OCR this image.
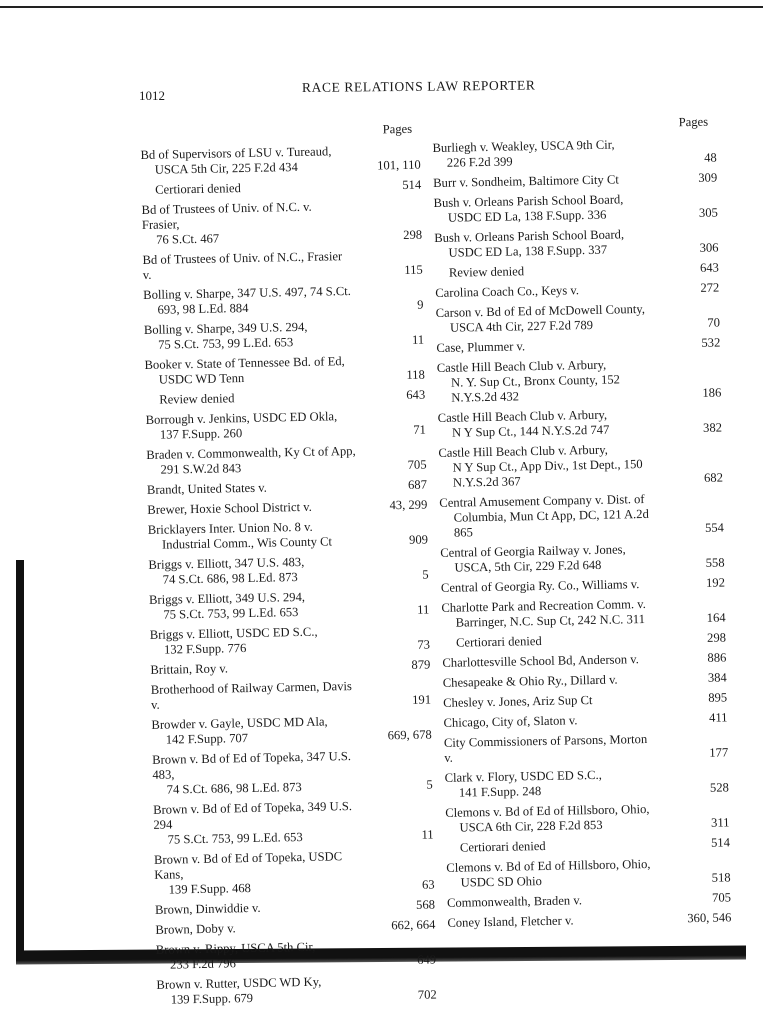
1012
RACE RELATIONS LAW REPORTER
Pages
Bd of Supervisors of LSU v. Tureaud,
USCA 5th Cir, 225 F.2d 434	101, 110
Certiorari denied	514
Bd of Trustees of Univ. of N.C. v. Frasier,
76 S.Ct. 467	298
Bd of Trustees of Univ. of N.C., Frasier v.	115
Bolling v. Sharpe, 347 U.S. 497, 74 S.Ct.
693, 98 L.Ed. 884	9
Bolling v. Sharpe, 349 U.S. 294,
75 S.Ct. 753, 99 L.Ed. 653	11
Booker v. State of Tennessee Bd. of Ed,
USDC WD Tenn	118
Review denied	643
Borrough v. Jenkins, USDC ED Okla,
137 F.Supp. 260	71
Braden v. Commonwealth, Ky Ct of App,
291 S.W.2d 843	705
Brandt, United States v.	687
Brewer, Hoxie School District v.	43, 299
Bricklayers Inter. Union No. 8 v.
Industrial Comm., Wis County Ct	909
Briggs v. Elliott, 347 U.S. 483,
74 S.Ct. 686, 98 L.Ed. 873	5
Briggs v. Elliott, 349 U.S. 294,
75 S.Ct. 753, 99 L.Ed. 653	11
Briggs v. Elliott, USDC ED S.C.,
132 F.Supp. 776	73
Brittain, Roy v.	879
Brotherhood of Railway Carmen, Davis v.	191
Browder v. Gayle, USDC MD Ala,
142 F.Supp. 707	669, 678
Brown v. Bd of Ed of Topeka, 347 U.S. 483,
74 S.Ct. 686, 98 L.Ed. 873	5
Brown v. Bd of Ed of Topeka, 349 U.S. 294
75 S.Ct. 753, 99 L.Ed. 653	11
Brown v. Bd of Ed of Topeka, USDC Kans,
139 F.Supp. 468	63
Brown, Dinwiddie v.	568
Brown, Doby v.	662, 664
Brown v. Rippy, USCA 5th Cir,
233 F.2d 796	649
Brown v. Rutter, USDC WD Ky,
139 F.Supp. 679	702
Pages
Burliegh v. Weakley, USCA 9th Cir,
226 F.2d 399	48
Burr v. Sondheim, Baltimore City Ct	309
Bush v. Orleans Parish School Board,
USDC ED La, 138 F.Supp. 336	305
Bush v. Orleans Parish School Board,
USDC ED La, 138 F.Supp. 337	306
Review denied	643
Carolina Coach Co., Keys v.	272
Carson v. Bd of Ed of McDowell County,
USCA 4th Cir, 227 F.2d 789	70
Case, Plummer v.	532
Castle Hill Beach Club v. Arbury,
N. Y. Sup Ct., Bronx County, 152 N.Y.S.2d 432	186
Castle Hill Beach Club v. Arbury,
N Y Sup Ct., 144 N.Y.S.2d 747	382
Castle Hill Beach Club v. Arbury,
N Y Sup Ct., App Div., 1st Dept., 150 N.Y.S.2d 367	682
Central Amusement Company v. Dist. of
Columbia, Mun Ct App, DC, 121 A.2d 865	554
Central of Georgia Railway v. Jones,
USCA, 5th Cir, 229 F.2d 648	558
Central of Georgia Ry. Co., Williams v.	192
Charlotte Park and Recreation Comm. v.
Barringer, N.C. Sup Ct, 242 N.C. 311	164
Certiorari denied	298
Charlottesville School Bd, Anderson v.	886
Chesapeake & Ohio Ry., Dillard v.	384
Chesley v. Jones, Ariz Sup Ct	895
Chicago, City of, Slaton v.	411
City Commissioners of Parsons, Morton v.	177
Clark v. Flory, USDC ED S.C.,
141 F.Supp. 248	528
Clemons v. Bd of Ed of Hillsboro, Ohio,
USCA 6th Cir, 228 F.2d 853	311
Certiorari denied	514
Clemons v. Bd of Ed of Hillsboro, Ohio,
USDC SD Ohio	518
Commonwealth, Braden v.	705
Coney Island, Fletcher v.	360, 546
